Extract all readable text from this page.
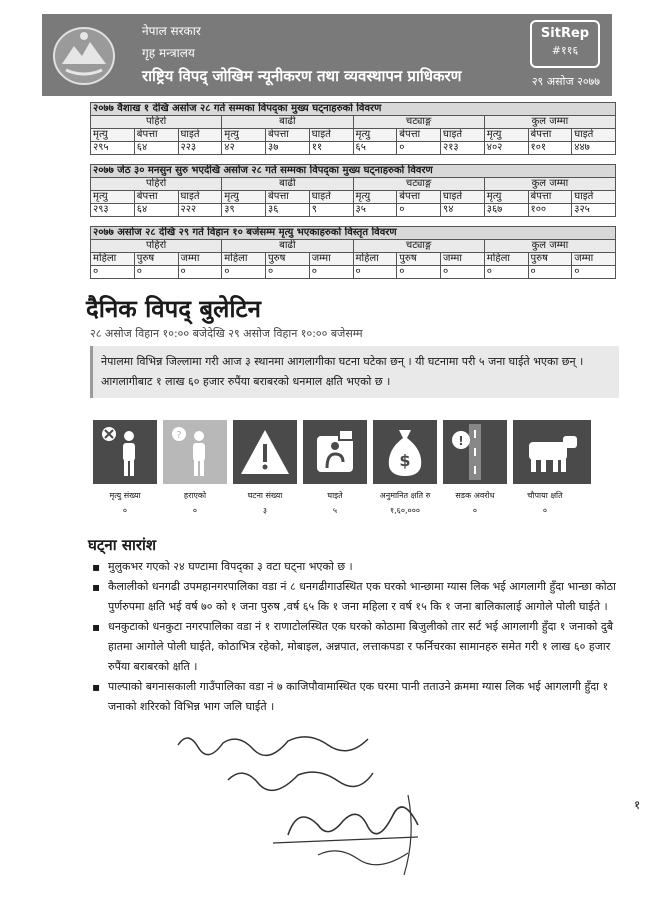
नेपाल सरकार
गृह मन्त्रालय
राष्ट्रिय विपद् जोखिम न्यूनीकरण तथा व्यवस्थापन प्राधिकरण
SitRep
#११६
२९ असोज २०७७
२०७७ वैशाख १ देखि असोज २८ गते सम्मका विपद्का मुख्य घट्नाहरुको विवरण											
पहिरो			बाढी			चट्याङ्ग			कुल जम्मा		
मृत्यु	बेपत्ता	घाइते	मृत्यु	बेपत्ता	घाइते	मृत्यु	बेपत्ता	घाइते	मृत्यु	बेपत्ता	घाइते
२९५	६४	२२३	४२	३७	११	६५	०	२१३	४०२	१०१	४४७
२०७७ जेठ ३० मनसुन सुरु भएदेखि असोज २८ गते सम्मका विपद्का मुख्य घट्नाहरुको विवरण											
पहिरो			बाढी			चट्याङ्ग			कुल जम्मा		
मृत्यु	बेपत्ता	घाइते	मृत्यु	बेपत्ता	घाइते	मृत्यु	बेपत्ता	घाइते	मृत्यु	बेपत्ता	घाइते
२९३	६४	२२२	३९	३६	९	३५	०	९४	३६७	१००	३२५
२०७७ असोज २८ देखि २९ गते विहान १० बजेसम्म मृत्यु भएकाहरुको विस्तृत विवरण											
पहिरो			बाढी			चट्याङ्ग			कुल जम्मा		
महिला	पुरुष	जम्मा	महिला	पुरुष	जम्मा	महिला	पुरुष	जम्मा	महिला	पुरुष	जम्मा
०	०	०	०	०	०	०	०	०	०	०	०
दैनिक विपद् बुलेटिन
२८ असोज विहान १०:०० बजेदेखि २९ असोज विहान १०:०० बजेसम्म
नेपालमा विभिन्न जिल्लामा गरी आज ३ स्थानमा आगलागीका घटना घटेका छन् । यी घटनामा परी ५ जना घाईते भएका छन् । आगलागीबाट १ लाख ६० हजार रुपैंया बराबरको धनमाल क्षति भएको छ ।
मृत्यु संख्या
०
?
हराएको
०
घटना संख्या
३
घाइते
५
$
अनुमानित क्षति रु
१,६०,०००
!
सडक अवरोध
०
चौपाया क्षति
०
घट्ना सारांश
▪ मुलुकभर गएको २४ घण्टामा विपद्का ३ वटा घट्ना भएको छ ।
▪ कैलालीको धनगढी उपमहानगरपालिका वडा नं ८ धनगढीगाउस्थित एक घरको भान्छामा ग्यास लिक भई आगलागी हुँदा भान्छा कोठा पुर्णरुपमा क्षति भई वर्ष ७० को १ जना पुरुष ,वर्ष ६५ कि १ जना महिला र वर्ष १५ कि १ जना बालिकालाई आगोले पोली घाईते ।
▪ धनकुटाको धनकुटा नगरपालिका वडा नं १ राणाटोलस्थित एक घरको कोठामा बिजुलीको तार सर्ट भई आगलागी हुँदा १ जनाको दुबै हातमा आगोले पोली घाईते, कोठाभित्र रहेको, मोबाइल, अन्नपात, लत्ताकपडा र फर्निचरका सामानहरु समेत गरी १ लाख ६० हजार रुपैंया बराबरको क्षति ।
▪ पाल्पाको बगनासकाली गाउँपालिका वडा नं ७ काजिपौवामास्थित एक घरमा पानी तताउने क्रममा ग्यास लिक भई आगलागी हुँदा १ जनाको शरिरको विभिन्न भाग जलि घाईते ।
१
